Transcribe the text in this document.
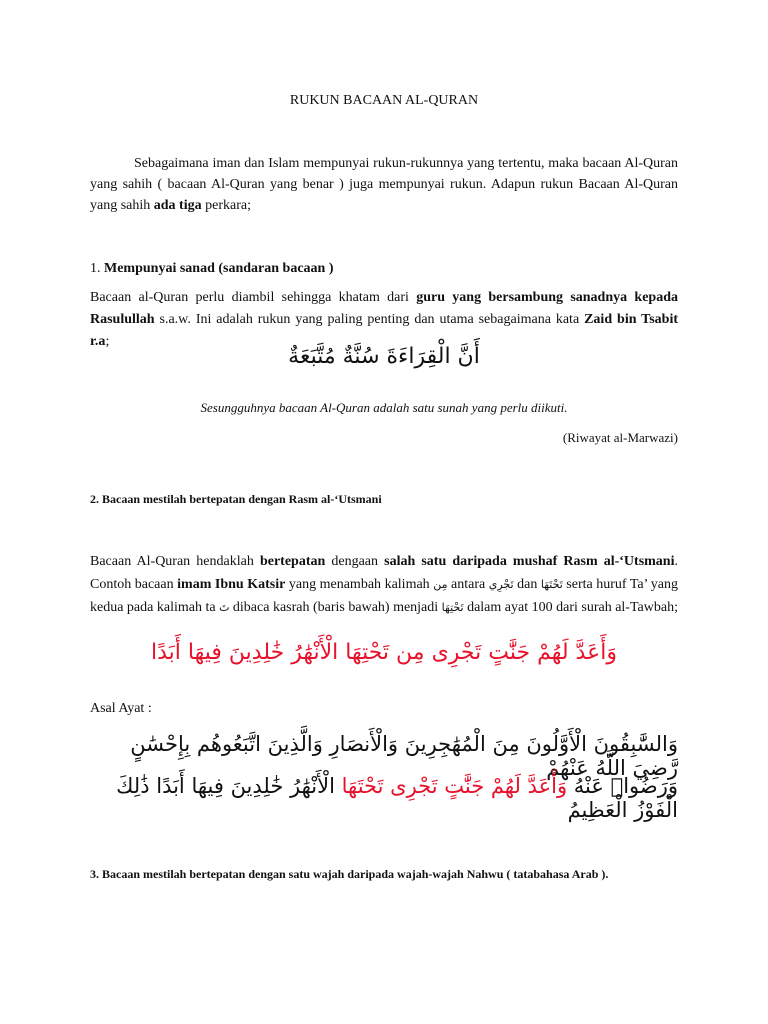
RUKUN BACAAN AL-QURAN
Sebagaimana iman dan Islam mempunyai rukun-rukunnya yang tertentu, maka bacaan Al-Quran yang sahih ( bacaan Al-Quran yang benar ) juga mempunyai rukun. Adapun rukun Bacaan Al-Quran yang sahih ada tiga perkara;
1. Mempunyai sanad (sandaran bacaan )
Bacaan al-Quran perlu diambil sehingga khatam dari guru yang bersambung sanadnya kepada Rasulullah s.a.w. Ini adalah rukun yang paling penting dan utama sebagaimana kata Zaid bin Tsabit r.a;
أَنَّ الْقِرَاءَةَ سُنَّةٌ مُتَّبَعَةٌ
Sesungguhnya bacaan Al-Quran adalah satu sunah yang perlu diikuti.
(Riwayat al-Marwazi)
2. Bacaan mestilah bertepatan dengan Rasm al-‘Utsmani
Bacaan Al-Quran hendaklah bertepatan dengaan salah satu daripada mushaf Rasm al-‘Utsmani. Contoh bacaan imam Ibnu Katsir yang menambah kalimah مِن antara تَجْرِي dan تَحْتَهَا serta huruf Ta’ yang kedua pada kalimah ta تَ dibaca kasrah (baris bawah) menjadi تَحْتِهَا dalam ayat 100 dari surah al-Tawbah;
وَأَعَدَّ لَهُمْ جَنَّٰتٍ تَجْرِى مِن تَحْتِهَا الْأَنْهَٰرُ خَٰلِدِينَ فِيهَا أَبَدًا
Asal Ayat :
وَالسَّٰبِقُونَ الْأَوَّلُونَ مِنَ الْمُهَٰجِرِينَ وَالْأَنصَارِ وَالَّذِينَ اتَّبَعُوهُم بِإِحْسَٰنٍ رَّضِيَ اللَّهُ عَنْهُمْ
وَرَضُوا۟ عَنْهُ وَأَعَدَّ لَهُمْ جَنَّٰتٍ تَجْرِى تَحْتَهَا الْأَنْهَٰرُ خَٰلِدِينَ فِيهَا أَبَدًا ذَٰلِكَ الْفَوْزُ الْعَظِيمُ
3. Bacaan mestilah bertepatan dengan satu wajah daripada wajah-wajah Nahwu ( tatabahasa Arab ).
